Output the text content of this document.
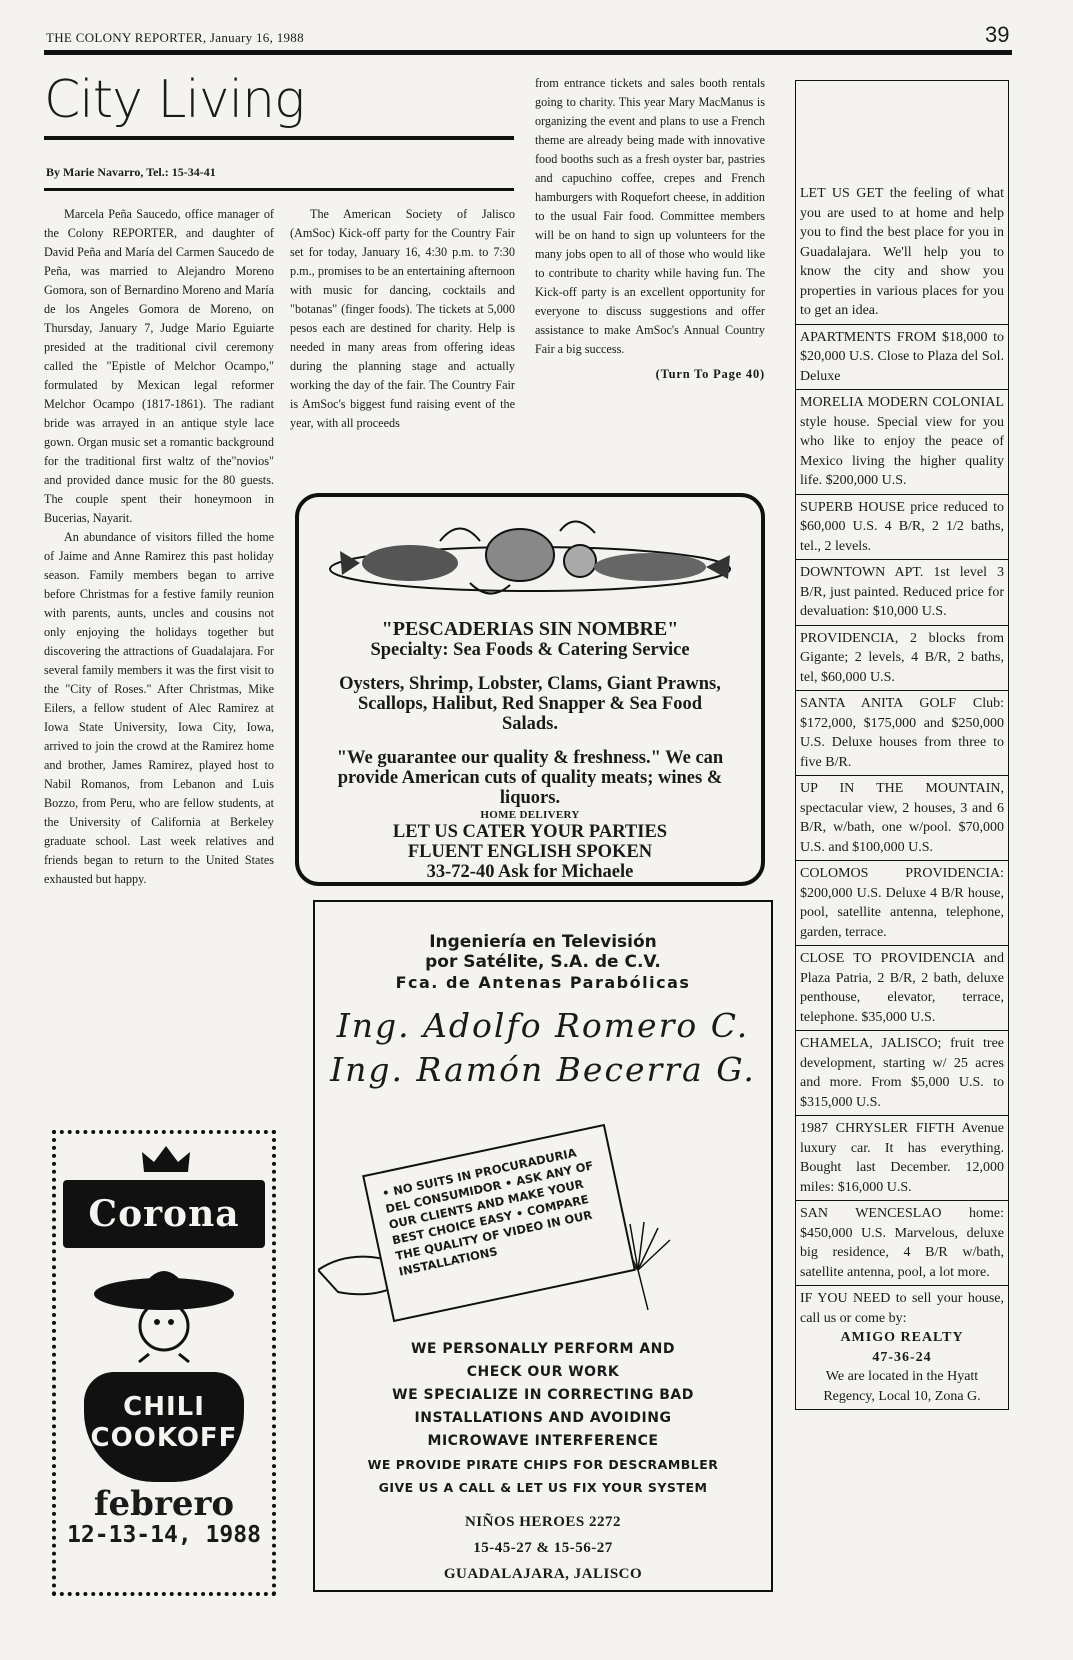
THE COLONY REPORTER, January 16, 1988	39
City Living
By Marie Navarro, Tel.: 15-34-41

Marcela Peña Saucedo, office manager of the Colony REPORTER, and daughter of David Peña and María del Carmen Saucedo de Peña, was married to Alejandro Moreno Gomora, son of Bernardino Moreno and María de los Angeles Gomora de Moreno, on Thursday, January 7, Judge Mario Eguiarte presided at the traditional civil ceremony called the "Epistle of Melchor Ocampo," formulated by Mexican legal reformer Melchor Ocampo (1817-1861). The radiant bride was arrayed in an antique style lace gown. Organ music set a romantic background for the traditional first waltz of the"novios" and provided dance music for the 80 guests. The couple spent their honeymoon in Bucerias, Nayarit.

An abundance of visitors filled the home of Jaime and Anne Ramirez this past holiday season. Family members began to arrive before Christmas for a festive family reunion with parents, aunts, uncles and cousins not only enjoying the holidays together but discovering the attractions of Guadalajara. For several family members it was the first visit to the "City of Roses." After Christmas, Mike Eilers, a fellow student of Alec Ramirez at Iowa State University, Iowa City, Iowa, arrived to join the crowd at the Ramirez home and brother, James Ramirez, played host to Nabil Romanos, from Lebanon and Luis Bozzo, from Peru, who are fellow students, at the University of California at Berkeley graduate school. Last week relatives and friends began to return to the United States exhausted but happy.

The American Society of Jalisco (AmSoc) Kick-off party for the Country Fair set for today, January 16, 4:30 p.m. to 7:30 p.m., promises to be an entertaining afternoon with music for dancing, cocktails and "botanas" (finger foods). The tickets at 5,000 pesos each are destined for charity. Help is needed in many areas from offering ideas during the planning stage and actually working the day of the fair. The Country Fair is AmSoc's biggest fund raising event of the year, with all proceeds

from entrance tickets and sales booth rentals going to charity. This year Mary MacManus is organizing the event and plans to use a French theme are already being made with innovative food booths such as a fresh oyster bar, pastries and capuchino coffee, crepes and French hamburgers with Roquefort cheese, in addition to the usual Fair food. Committee members will be on hand to sign up volunteers for the many jobs open to all of those who would like to contribute to charity while having fun. The Kick-off party is an excellent opportunity for everyone to discuss suggestions and offer assistance to make AmSoc's Annual Country Fair a big success.

(Turn To Page 40)
"PESCADERIAS SIN NOMBRE"
Specialty: Sea Foods & Catering Service
Oysters, Shrimp, Lobster, Clams, Giant Prawns, Scallops, Halibut, Red Snapper & Sea Food Salads.
"We guarantee our quality & freshness." We can provide American cuts of quality meats; wines & liquors.
HOME DELIVERY
LET US CATER YOUR PARTIES
FLUENT ENGLISH SPOKEN
33-72-40 Ask for Michaele
Ingeniería en Televisión
por Satélite, S.A. de C.V.
Fca. de Antenas Parabólicas
Ing. Adolfo Romero C.
Ing. Ramón Becerra G.
WE PERSONALLY PERFORM AND
CHECK OUR WORK
WE SPECIALIZE IN CORRECTING BAD
INSTALLATIONS AND AVOIDING
MICROWAVE INTERFERENCE
WE PROVIDE PIRATE CHIPS FOR DESCRAMBLER
GIVE US A CALL & LET US FIX YOUR SYSTEM
NIÑOS HEROES 2272
15-45-27 & 15-56-27
GUADALAJARA, JALISCO
• NO SUITS IN PROCURADURIA DEL CONSUMIDOR • ASK ANY OF OUR CLIENTS AND MAKE YOUR BEST CHOICE EASY • COMPARE THE QUALITY OF VIDEO IN OUR INSTALLATIONS
Corona
CHILI
COOKOFF
febrero
12-13-14, 1988
LET US GET the feeling of what you are used to at home and help you to find the best place for you in Guadalajara. We'll help you to know the city and show you properties in various places for you to get an idea.
APARTMENTS FROM $18,000 to $20,000 U.S. Close to Plaza del Sol. Deluxe
MORELIA MODERN COLONIAL style house. Special view for you who like to enjoy the peace of Mexico living the higher quality life. $200,000 U.S.
SUPERB HOUSE price reduced to $60,000 U.S. 4 B/R, 2 1/2 baths, tel., 2 levels.
DOWNTOWN APT. 1st level 3 B/R, just painted. Reduced price for devaluation: $10,000 U.S.
PROVIDENCIA, 2 blocks from Gigante; 2 levels, 4 B/R, 2 baths, tel, $60,000 U.S.
SANTA ANITA GOLF Club: $172,000, $175,000 and $250,000 U.S. Deluxe houses from three to five B/R.
UP IN THE MOUNTAIN, spectacular view, 2 houses, 3 and 6 B/R, w/bath, one w/pool. $70,000 U.S. and $100,000 U.S.
COLOMOS PROVIDENCIA: $200,000 U.S. Deluxe 4 B/R house, pool, satellite antenna, telephone, garden, terrace.
CLOSE TO PROVIDENCIA and Plaza Patria, 2 B/R, 2 bath, deluxe penthouse, elevator, terrace, telephone. $35,000 U.S.
CHAMELA, JALISCO; fruit tree development, starting w/ 25 acres and more. From $5,000 U.S. to $315,000 U.S.
1987 CHRYSLER FIFTH Avenue luxury car. It has everything. Bought last December. 12,000 miles: $16,000 U.S.
SAN WENCESLAO home: $450,000 U.S. Marvelous, deluxe big residence, 4 B/R w/bath, satellite antenna, pool, a lot more.
IF YOU NEED to sell your house, call us or come by:
AMIGO REALTY
47-36-24
We are located in the Hyatt Regency, Local 10, Zona G.
